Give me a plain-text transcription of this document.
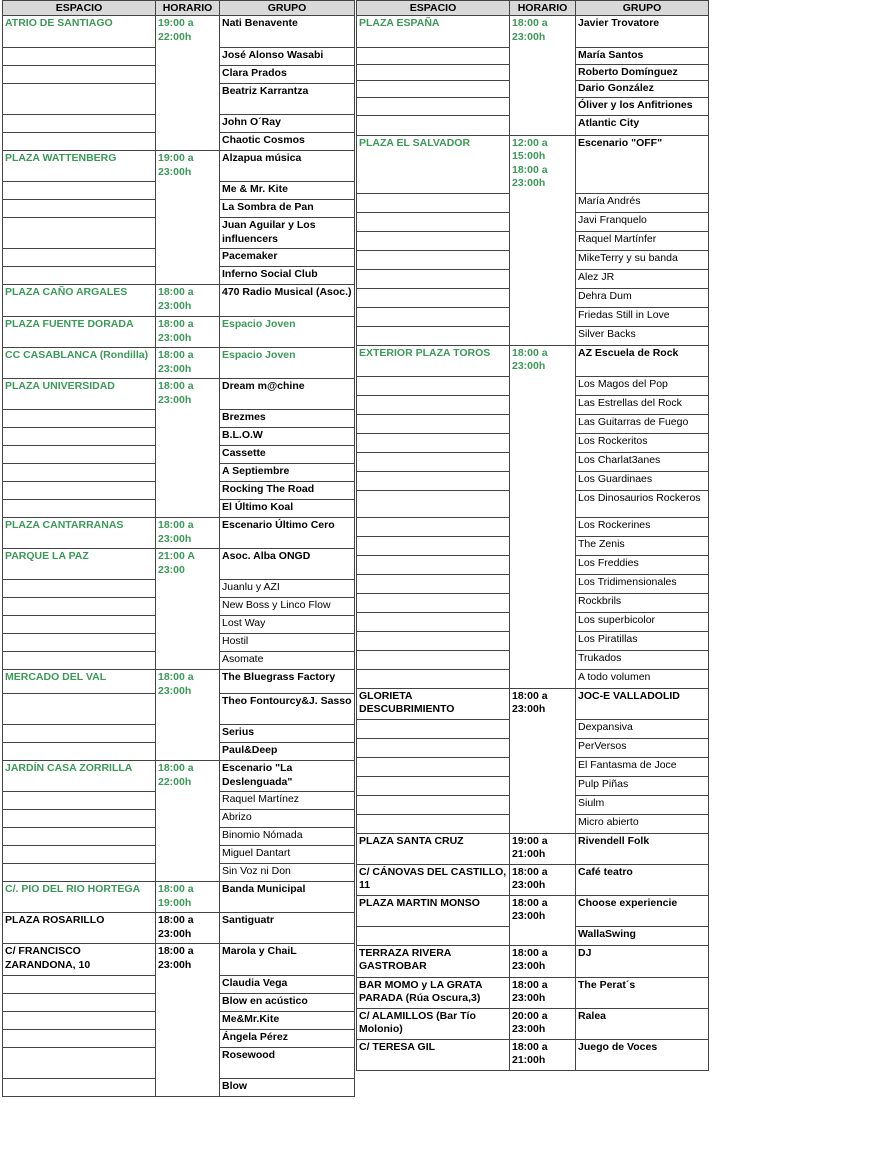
ESPACIO	HORARIO	GRUPO
ATRIO DE SANTIAGO	19:00 a 22:00h	Nati Benavente
		José Alonso Wasabi
		Clara Prados
		Beatriz Karrantza
		John O´Ray
		Chaotic Cosmos
PLAZA WATTENBERG	19:00 a 23:00h	Alzapua música
		Me & Mr. Kite
		La Sombra de Pan
		Juan Aguilar y Los influencers
		Pacemaker
		Inferno Social Club
PLAZA CAÑO ARGALES	18:00 a 23:00h	470 Radio Musical (Asoc.)
PLAZA FUENTE DORADA	18:00 a 23:00h	Espacio Joven
CC CASABLANCA (Rondilla)	18:00 a 23:00h	Espacio Joven
PLAZA UNIVERSIDAD	18:00 a 23:00h	Dream m@chine
		Brezmes
		B.L.O.W
		Cassette
		A Septiembre
		Rocking The Road
		El Último Koal
PLAZA CANTARRANAS	18:00 a 23:00h	Escenario Último Cero
PARQUE LA PAZ	21:00 A 23:00	Asoc. Alba ONGD
		Juanlu y AZI
		New Boss y Linco Flow
		Lost Way
		Hostil
		Asomate
MERCADO DEL VAL	18:00 a 23:00h	The Bluegrass Factory
		Theo Fontourcy&J. Sasso
		Serius
		Paul&Deep
JARDÍN CASA ZORRILLA	18:00 a 22:00h	Escenario "La Deslenguada"
		Raquel Martínez
		Abrizo
		Binomio Nómada
		Miguel Dantart
		Sin Voz ni Don
C/. PIO DEL RIO HORTEGA	18:00 a 19:00h	Banda Municipal
PLAZA ROSARILLO	18:00 a 23:00h	Santiguatr
C/ FRANCISCO ZARANDONA, 10	18:00 a 23:00h	Marola y ChaiL
		Claudia Vega
		Blow en acústico
		Me&Mr.Kite
		Ángela Pérez
		Rosewood
		Blow
ESPACIO	HORARIO	GRUPO
PLAZA ESPAÑA	18:00 a 23:00h	Javier Trovatore
		María Santos
		Roberto Domínguez
		Dario González
		Óliver y los Anfitriones
		Atlantic City
PLAZA EL SALVADOR	12:00 a 15:00h 18:00 a 23:00h	Escenario "OFF"
		María Andrés
		Javi Franquelo
		Raquel Martínfer
		MikeTerry y su banda
		Alez JR
		Dehra Dum
		Friedas Still in Love
		Silver Backs
EXTERIOR PLAZA TOROS	18:00 a 23:00h	AZ Escuela de Rock
		Los Magos del Pop
		Las Estrellas del Rock
		Las Guitarras de Fuego
		Los Rockeritos
		Los Charlat3anes
		Los Guardinaes
		Los Dinosaurios Rockeros
		Los Rockerines
		The Zenis
		Los Freddies
		Los Tridimensionales
		Rockbrils
		Los superbicolor
		Los Piratillas
		Trukados
		A todo volumen
GLORIETA DESCUBRIMIENTO	18:00 a 23:00h	JOC-E VALLADOLID
		Dexpansiva
		PerVersos
		El Fantasma de Joce
		Pulp Piñas
		Siulm
		Micro abierto
PLAZA SANTA CRUZ	19:00 a 21:00h	Rivendell Folk
C/ CÁNOVAS DEL CASTILLO, 11	18:00 a 23:00h	Café teatro
PLAZA MARTIN MONSO	18:00 a 23:00h	Choose experiencie
		WallaSwing
TERRAZA RIVERA GASTROBAR	18:00 a 23:00h	DJ
BAR MOMO y LA GRATA PARADA (Rúa Oscura,3)	18:00 a 23:00h	The Perat´s
C/ ALAMILLOS (Bar Tío Molonio)	20:00 a 23:00h	Ralea
C/ TERESA GIL	18:00 a 21:00h	Juego de Voces
